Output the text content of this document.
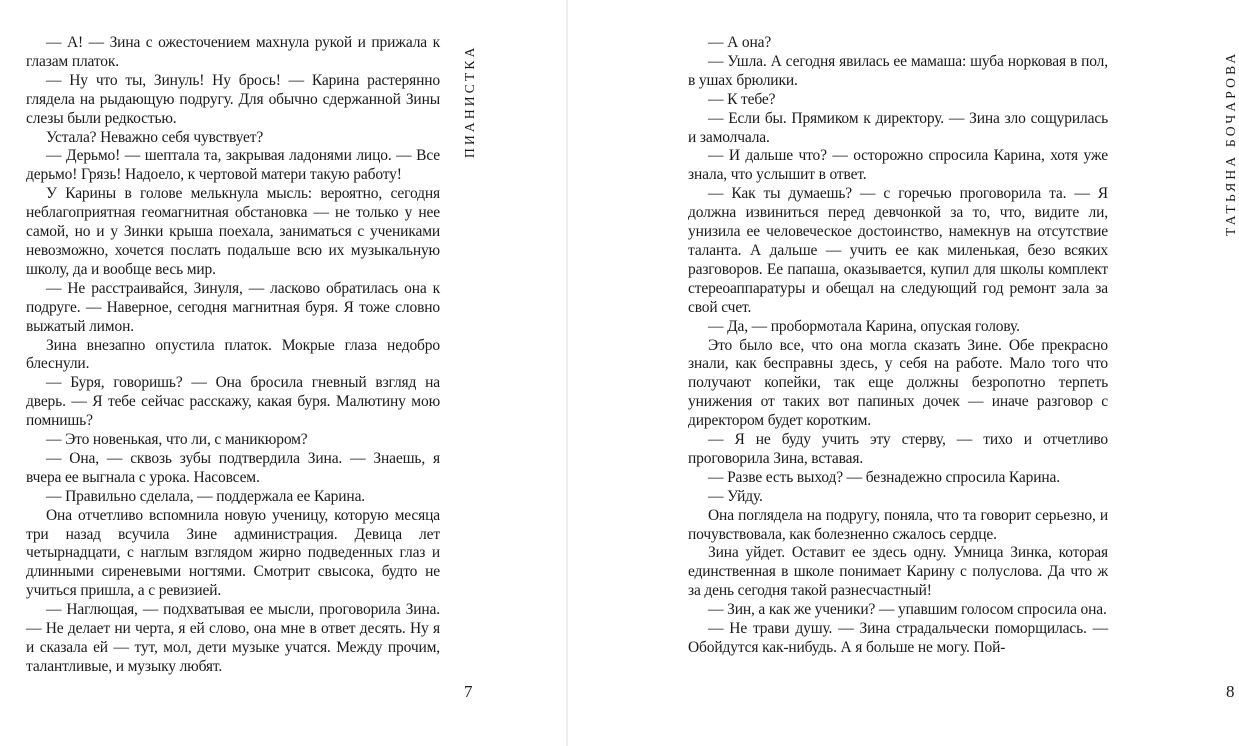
— А! — Зина с ожесточением махнула рукой и прижала к глазам платок.

— Ну что ты, Зинуль! Ну брось! — Карина растерянно глядела на рыдающую подругу. Для обычно сдержанной Зины слезы были редкостью.

Устала? Неважно себя чувствует?

— Дерьмо! — шептала та, закрывая ладонями лицо. — Все дерьмо! Грязь! Надоело, к чертовой матери такую работу!

У Карины в голове мелькнула мысль: вероятно, сегодня неблагоприятная геомагнитная обстановка — не только у нее самой, но и у Зинки крыша поехала, заниматься с учениками невозможно, хочется послать подальше всю их музыкальную школу, да и вообще весь мир.

— Не расстраивайся, Зинуля, — ласково обратилась она к подруге. — Наверное, сегодня магнитная буря. Я тоже словно выжатый лимон.

Зина внезапно опустила платок. Мокрые глаза недобро блеснули.

— Буря, говоришь? — Она бросила гневный взгляд на дверь. — Я тебе сейчас расскажу, какая буря. Малютину мою помнишь?

— Это новенькая, что ли, с маникюром?

— Она, — сквозь зубы подтвердила Зина. — Знаешь, я вчера ее выгнала с урока. Насовсем.

— Правильно сделала, — поддержала ее Карина.

Она отчетливо вспомнила новую ученицу, которую месяца три назад всучила Зине администрация. Девица лет четырнадцати, с наглым взглядом жирно подведенных глаз и длинными сиреневыми ногтями. Смотрит свысока, будто не учиться пришла, а с ревизией.

— Наглющая, — подхватывая ее мысли, проговорила Зина. — Не делает ни черта, я ей слово, она мне в ответ десять. Ну я и сказала ей — тут, мол, дети музыке учатся. Между прочим, талантливые, и музыку любят.

ПИАНИСТКА
7
ТАТЬЯНА БОЧАРОВА
8

— А она?

— Ушла. А сегодня явилась ее мамаша: шуба норковая в пол, в ушах брюлики.

— К тебе?

— Если бы. Прямиком к директору. — Зина зло сощурилась и замолчала.

— И дальше что? — осторожно спросила Карина, хотя уже знала, что услышит в ответ.

— Как ты думаешь? — с горечью проговорила та. — Я должна извиниться перед девчонкой за то, что, видите ли, унизила ее человеческое достоинство, намекнув на отсутствие таланта. А дальше — учить ее как миленькая, безо всяких разговоров. Ее папаша, оказывается, купил для школы комплект стереоаппаратуры и обещал на следующий год ремонт зала за свой счет.

— Да, — пробормотала Карина, опуская голову.

Это было все, что она могла сказать Зине. Обе прекрасно знали, как бесправны здесь, у себя на работе. Мало того что получают копейки, так еще должны безропотно терпеть унижения от таких вот папиных дочек — иначе разговор с директором будет коротким.

— Я не буду учить эту стерву, — тихо и отчетливо проговорила Зина, вставая.

— Разве есть выход? — безнадежно спросила Карина.

— Уйду.

Она поглядела на подругу, поняла, что та говорит серьезно, и почувствовала, как болезненно сжалось сердце.

Зина уйдет. Оставит ее здесь одну. Умница Зинка, которая единственная в школе понимает Карину с полуслова. Да что ж за день сегодня такой разнесчастный!

— Зин, а как же ученики? — упавшим голосом спросила она.

— Не трави душу. — Зина страдальчески поморщилась. — Обойдутся как-нибудь. А я больше не могу. Пой-
